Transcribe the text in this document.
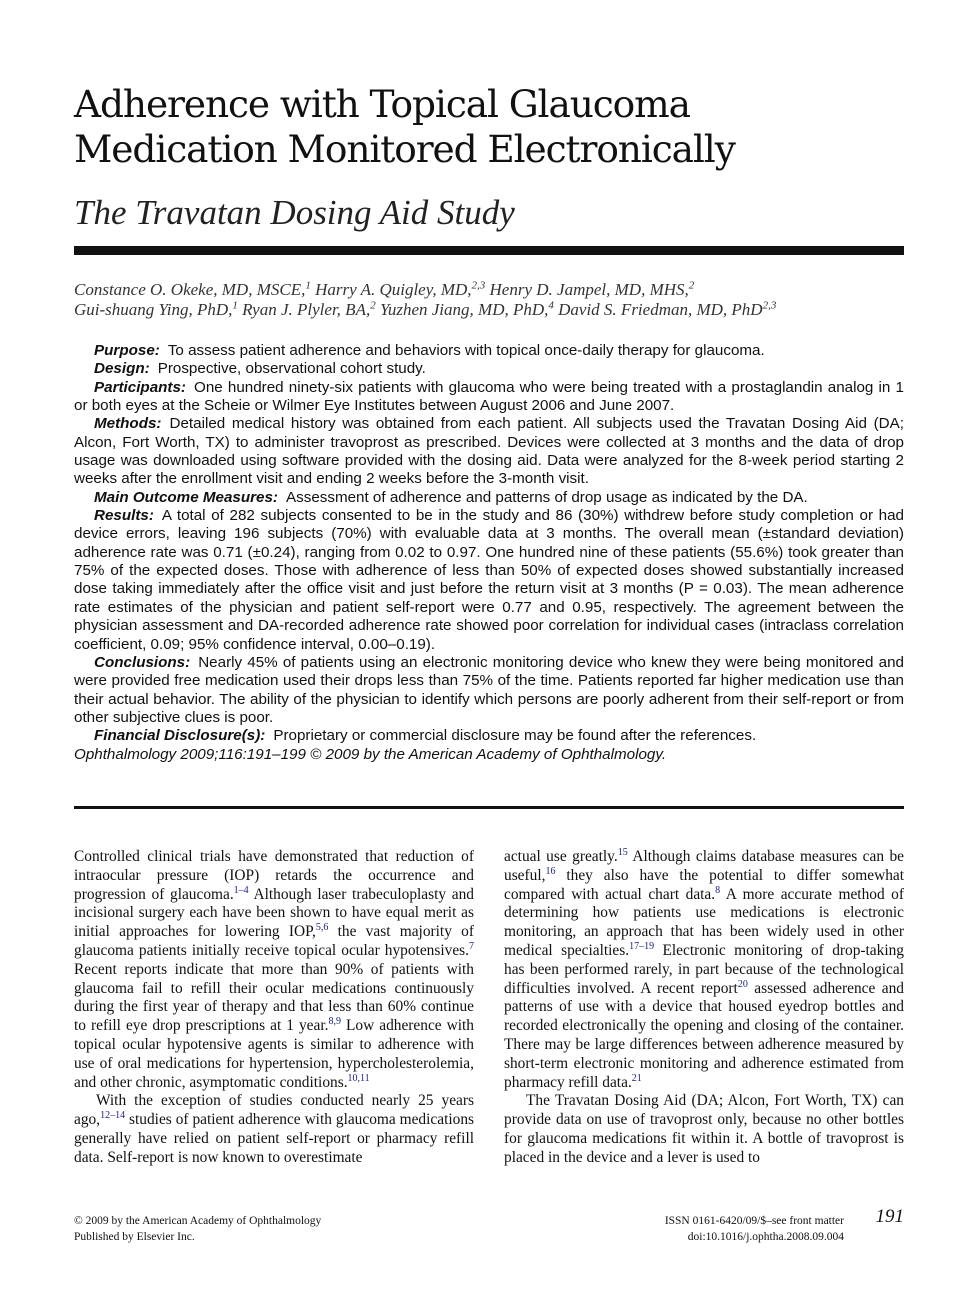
Adherence with Topical Glaucoma
Medication Monitored Electronically
The Travatan Dosing Aid Study
Constance O. Okeke, MD, MSCE,$^1$ Harry A. Quigley, MD,$^{2,3}$ Henry D. Jampel, MD, MHS,$^2$
Gui-shuang Ying, PhD,$^1$ Ryan J. Plyler, BA,$^2$ Yuzhen Jiang, MD, PhD,$^4$ David S. Friedman, MD, PhD$^{2,3}$

Purpose: To assess patient adherence and behaviors with topical once-daily therapy for glaucoma.

Design: Prospective, observational cohort study.

Participants: One hundred ninety-six patients with glaucoma who were being treated with a prostaglandin analog in 1 or both eyes at the Scheie or Wilmer Eye Institutes between August 2006 and June 2007.

Methods: Detailed medical history was obtained from each patient. All subjects used the Travatan Dosing Aid (DA; Alcon, Fort Worth, TX) to administer travoprost as prescribed. Devices were collected at 3 months and the data of drop usage was downloaded using software provided with the dosing aid. Data were analyzed for the 8-week period starting 2 weeks after the enrollment visit and ending 2 weeks before the 3-month visit.

Main Outcome Measures: Assessment of adherence and patterns of drop usage as indicated by the DA.

Results: A total of 282 subjects consented to be in the study and 86 (30%) withdrew before study completion or had device errors, leaving 196 subjects (70%) with evaluable data at 3 months. The overall mean (±standard deviation) adherence rate was 0.71 (±0.24), ranging from 0.02 to 0.97. One hundred nine of these patients (55.6%) took greater than 75% of the expected doses. Those with adherence of less than 50% of expected doses showed substantially increased dose taking immediately after the office visit and just before the return visit at 3 months (P = 0.03). The mean adherence rate estimates of the physician and patient self-report were 0.77 and 0.95, respectively. The agreement between the physician assessment and DA-recorded adherence rate showed poor correlation for individual cases (intraclass correlation coefficient, 0.09; 95% confidence interval, 0.00–0.19).

Conclusions: Nearly 45% of patients using an electronic monitoring device who knew they were being monitored and were provided free medication used their drops less than 75% of the time. Patients reported far higher medication use than their actual behavior. The ability of the physician to identify which persons are poorly adherent from their self-report or from other subjective clues is poor.

Financial Disclosure(s): Proprietary or commercial disclosure may be found after the references.

Ophthalmology 2009;116:191–199 © 2009 by the American Academy of Ophthalmology.

Controlled clinical trials have demonstrated that reduction of intraocular pressure (IOP) retards the occurrence and progression of glaucoma.$^{1-4}$ Although laser trabeculoplasty and incisional surgery each have been shown to have equal merit as initial approaches for lowering IOP,$^{5,6}$ the vast majority of glaucoma patients initially receive topical ocular hypotensives.$^7$ Recent reports indicate that more than 90% of patients with glaucoma fail to refill their ocular medications continuously during the first year of therapy and that less than 60% continue to refill eye drop prescriptions at 1 year.$^{8,9}$ Low adherence with topical ocular hypotensive agents is similar to adherence with use of oral medications for hypertension, hypercholesterolemia, and other chronic, asymptomatic conditions.$^{10,11}$

With the exception of studies conducted nearly 25 years ago,$^{12-14}$ studies of patient adherence with glaucoma medications generally have relied on patient self-report or pharmacy refill data. Self-report is now known to overestimate

actual use greatly.$^{15}$ Although claims database measures can be useful,$^{16}$ they also have the potential to differ somewhat compared with actual chart data.$^8$ A more accurate method of determining how patients use medications is electronic monitoring, an approach that has been widely used in other medical specialties.$^{17-19}$ Electronic monitoring of drop-taking has been performed rarely, in part because of the technological difficulties involved. A recent report$^{20}$ assessed adherence and patterns of use with a device that housed eyedrop bottles and recorded electronically the opening and closing of the container. There may be large differences between adherence measured by short-term electronic monitoring and adherence estimated from pharmacy refill data.$^{21}$

The Travatan Dosing Aid (DA; Alcon, Fort Worth, TX) can provide data on use of travoprost only, because no other bottles for glaucoma medications fit within it. A bottle of travoprost is placed in the device and a lever is used to

© 2009 by the American Academy of Ophthalmology
Published by Elsevier Inc.
ISSN 0161-6420/09/$–see front matter
doi:10.1016/j.ophtha.2008.09.004
191
